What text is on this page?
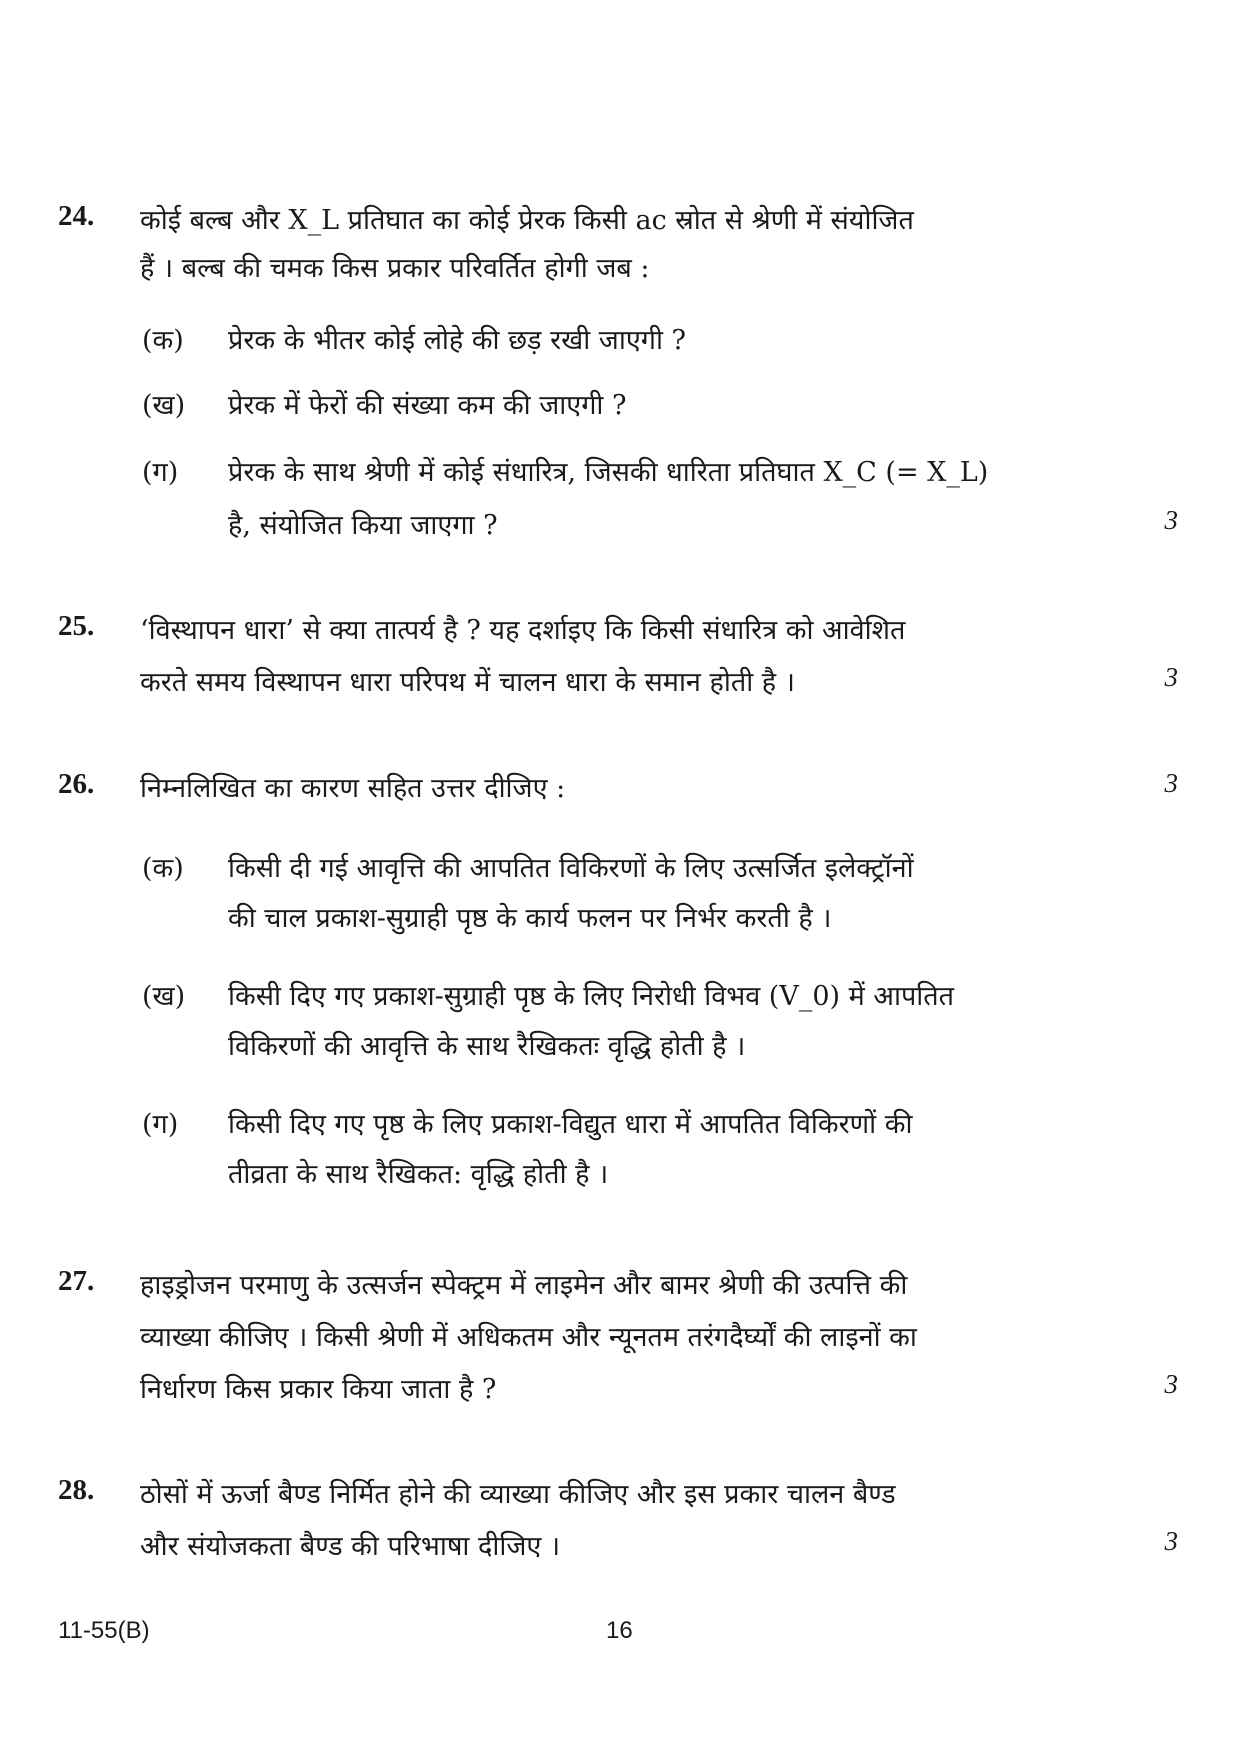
24. कोई बल्ब और X_L प्रतिघात का कोई प्रेरक किसी ac स्रोत से श्रेणी में संयोजित
हैं । बल्ब की चमक किस प्रकार परिवर्तित होगी जब :
(क) प्रेरक के भीतर कोई लोहे की छड़ रखी जाएगी ?
(ख) प्रेरक में फेरों की संख्या कम की जाएगी ?
(ग) प्रेरक के साथ श्रेणी में कोई संधारित्र, जिसकी धारिता प्रतिघात X_C (= X_L)
है, संयोजित किया जाएगा ?	3
25. ‘विस्थापन धारा’ से क्या तात्पर्य है ? यह दर्शाइए कि किसी संधारित्र को आवेशित
करते समय विस्थापन धारा परिपथ में चालन धारा के समान होती है ।	3
26. निम्नलिखित का कारण सहित उत्तर दीजिए :	3
(क) किसी दी गई आवृत्ति की आपतित विकिरणों के लिए उत्सर्जित इलेक्ट्रॉनों
की चाल प्रकाश-सुग्राही पृष्ठ के कार्य फलन पर निर्भर करती है ।
(ख) किसी दिए गए प्रकाश-सुग्राही पृष्ठ के लिए निरोधी विभव (V_0) में आपतित
विकिरणों की आवृत्ति के साथ रैखिकतः वृद्धि होती है ।
(ग) किसी दिए गए पृष्ठ के लिए प्रकाश-विद्युत धारा में आपतित विकिरणों की
तीव्रता के साथ रैखिकत: वृद्धि होती है ।
27. हाइड्रोजन परमाणु के उत्सर्जन स्पेक्ट्रम में लाइमेन और बामर श्रेणी की उत्पत्ति की
व्याख्या कीजिए । किसी श्रेणी में अधिकतम और न्यूनतम तरंगदैर्घ्यों की लाइनों का
निर्धारण किस प्रकार किया जाता है ?	3
28. ठोसों में ऊर्जा बैण्ड निर्मित होने की व्याख्या कीजिए और इस प्रकार चालन बैण्ड
और संयोजकता बैण्ड की परिभाषा दीजिए ।	3
11-55(B)	16
